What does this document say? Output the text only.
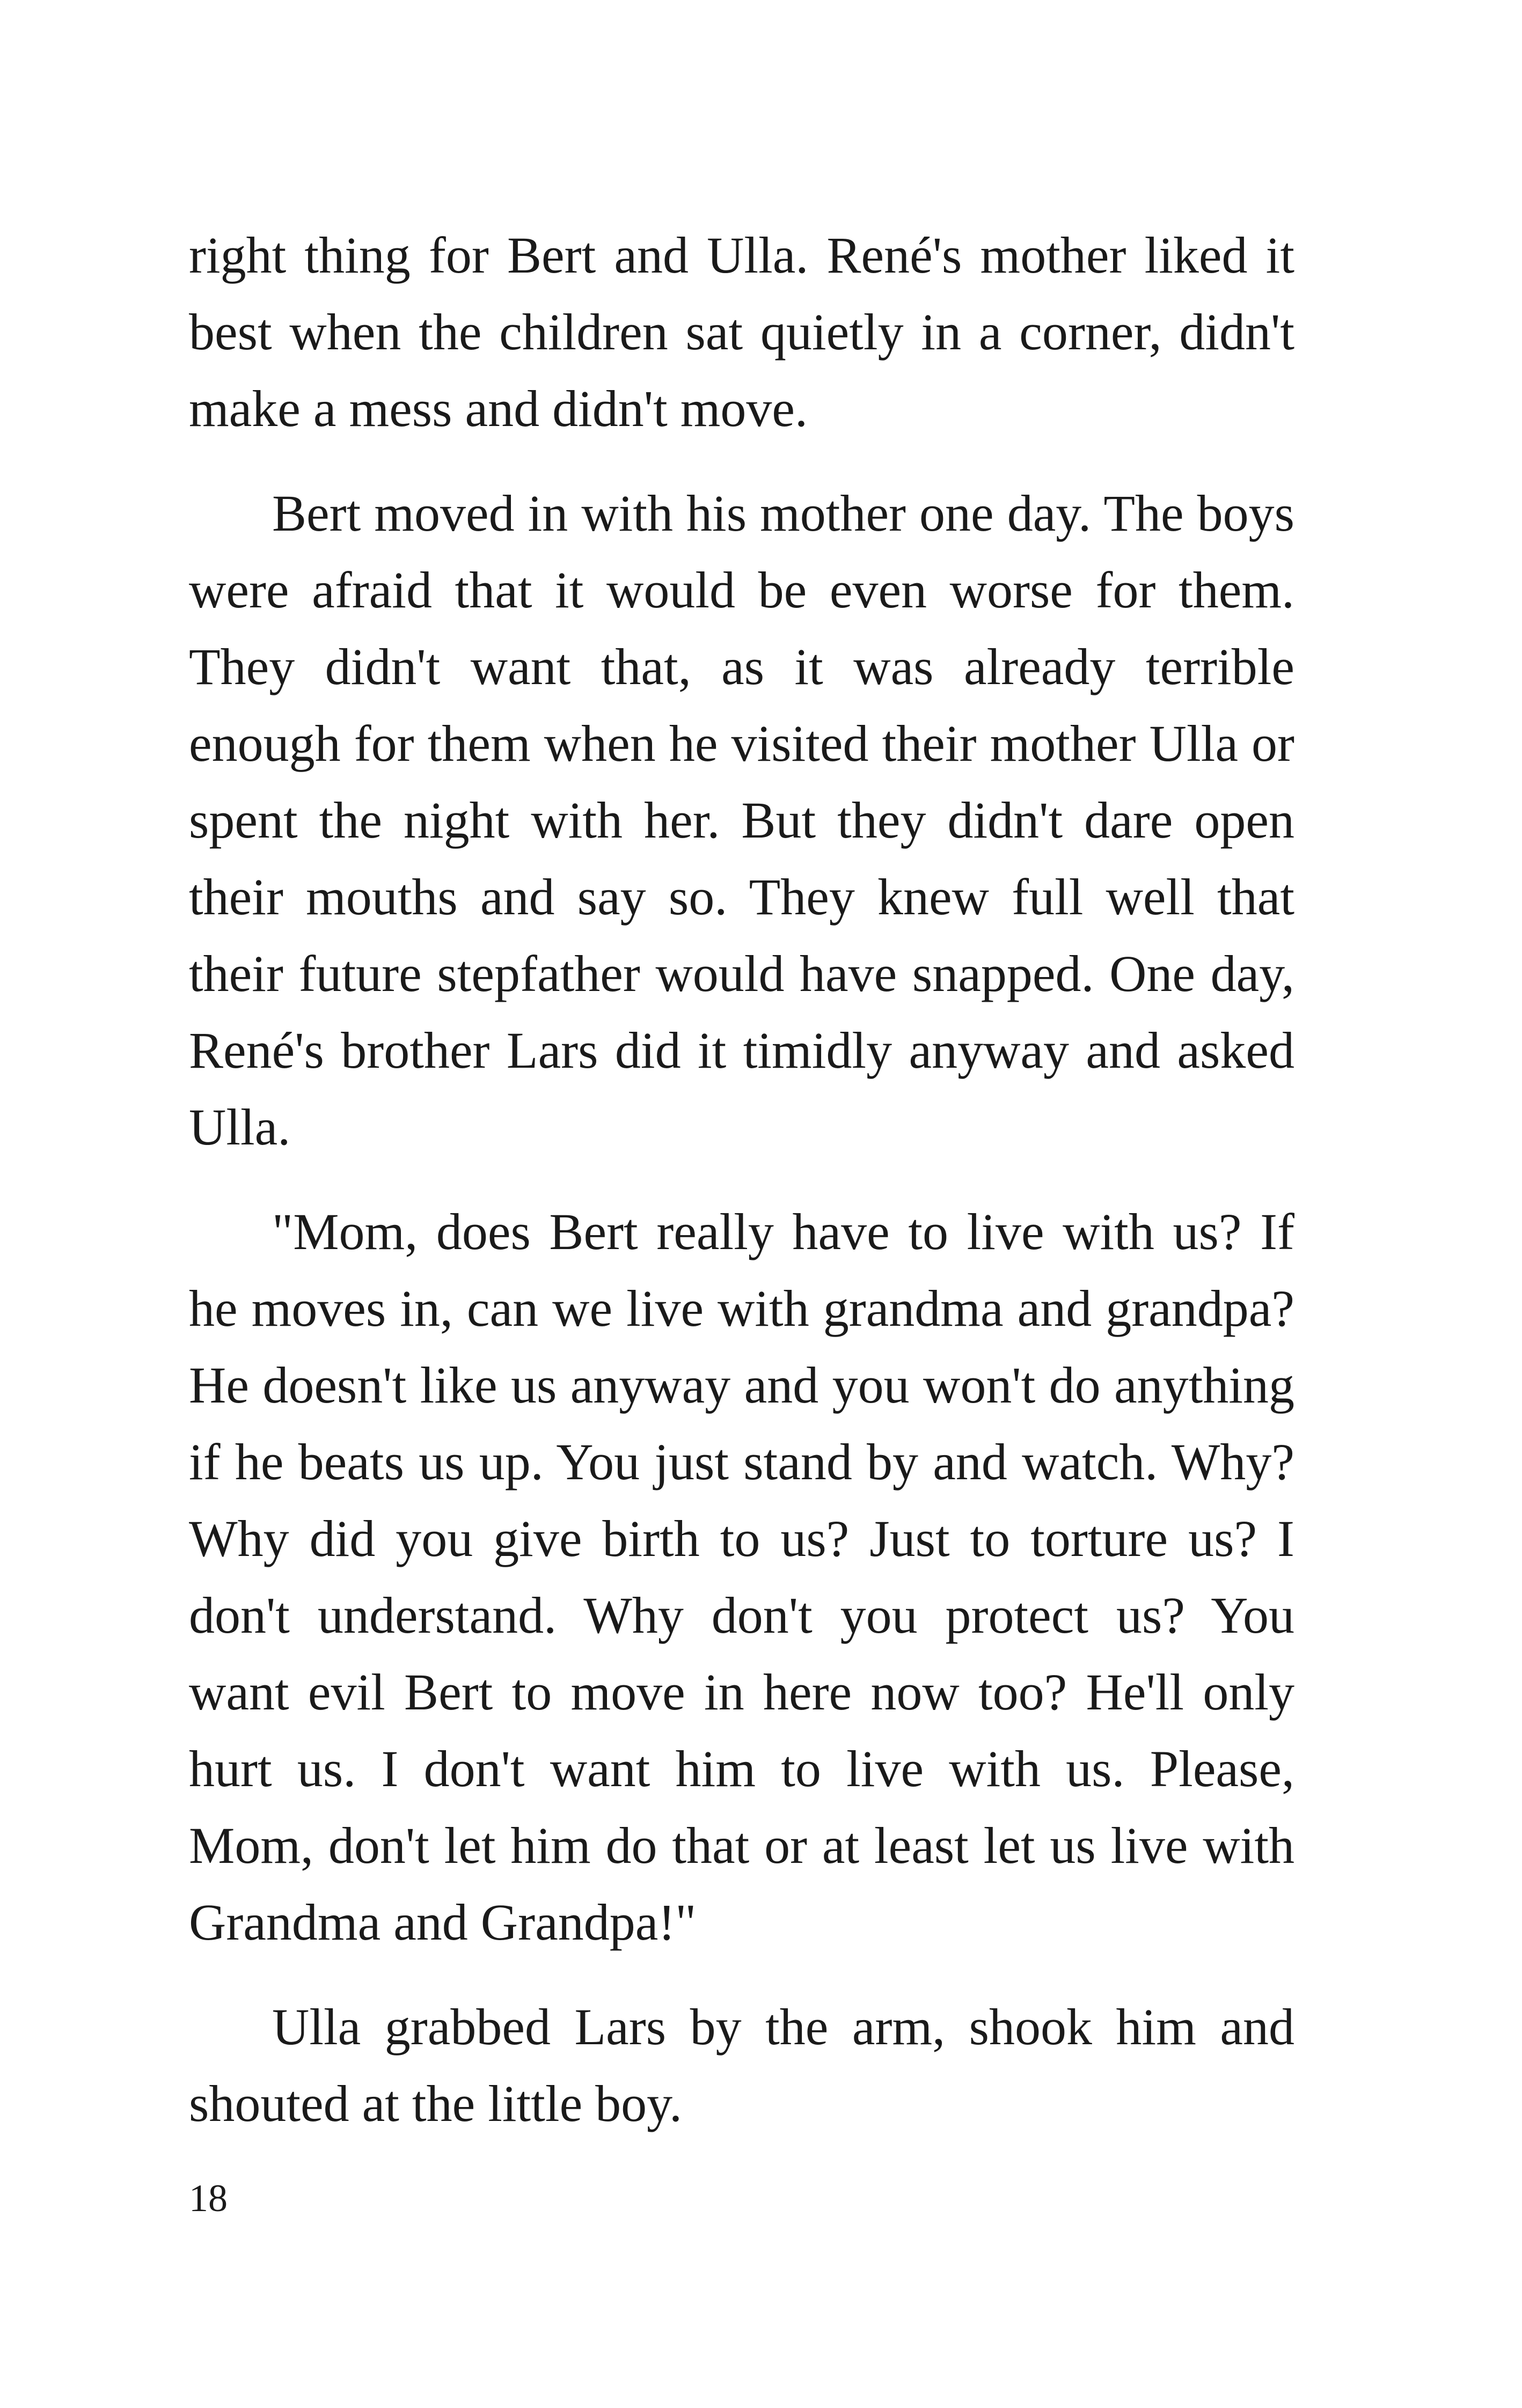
right thing for Bert and Ulla. René's mother liked it best when the children sat quietly in a corner, didn't make a mess and didn't move.

Bert moved in with his mother one day. The boys were afraid that it would be even worse for them. They didn't want that, as it was already terrible enough for them when he visited their mother Ulla or spent the night with her. But they didn't dare open their mouths and say so. They knew full well that their future stepfather would have snapped. One day, René's brother Lars did it timidly anyway and asked Ulla.

"Mom, does Bert really have to live with us? If he moves in, can we live with grandma and grandpa? He doesn't like us anyway and you won't do anything if he beats us up. You just stand by and watch. Why? Why did you give birth to us? Just to torture us? I don't understand. Why don't you protect us? You want evil Bert to move in here now too? He'll only hurt us. I don't want him to live with us. Please, Mom, don't let him do that or at least let us live with Grandma and Grandpa!"

Ulla grabbed Lars by the arm, shook him and shouted at the little boy.

18
